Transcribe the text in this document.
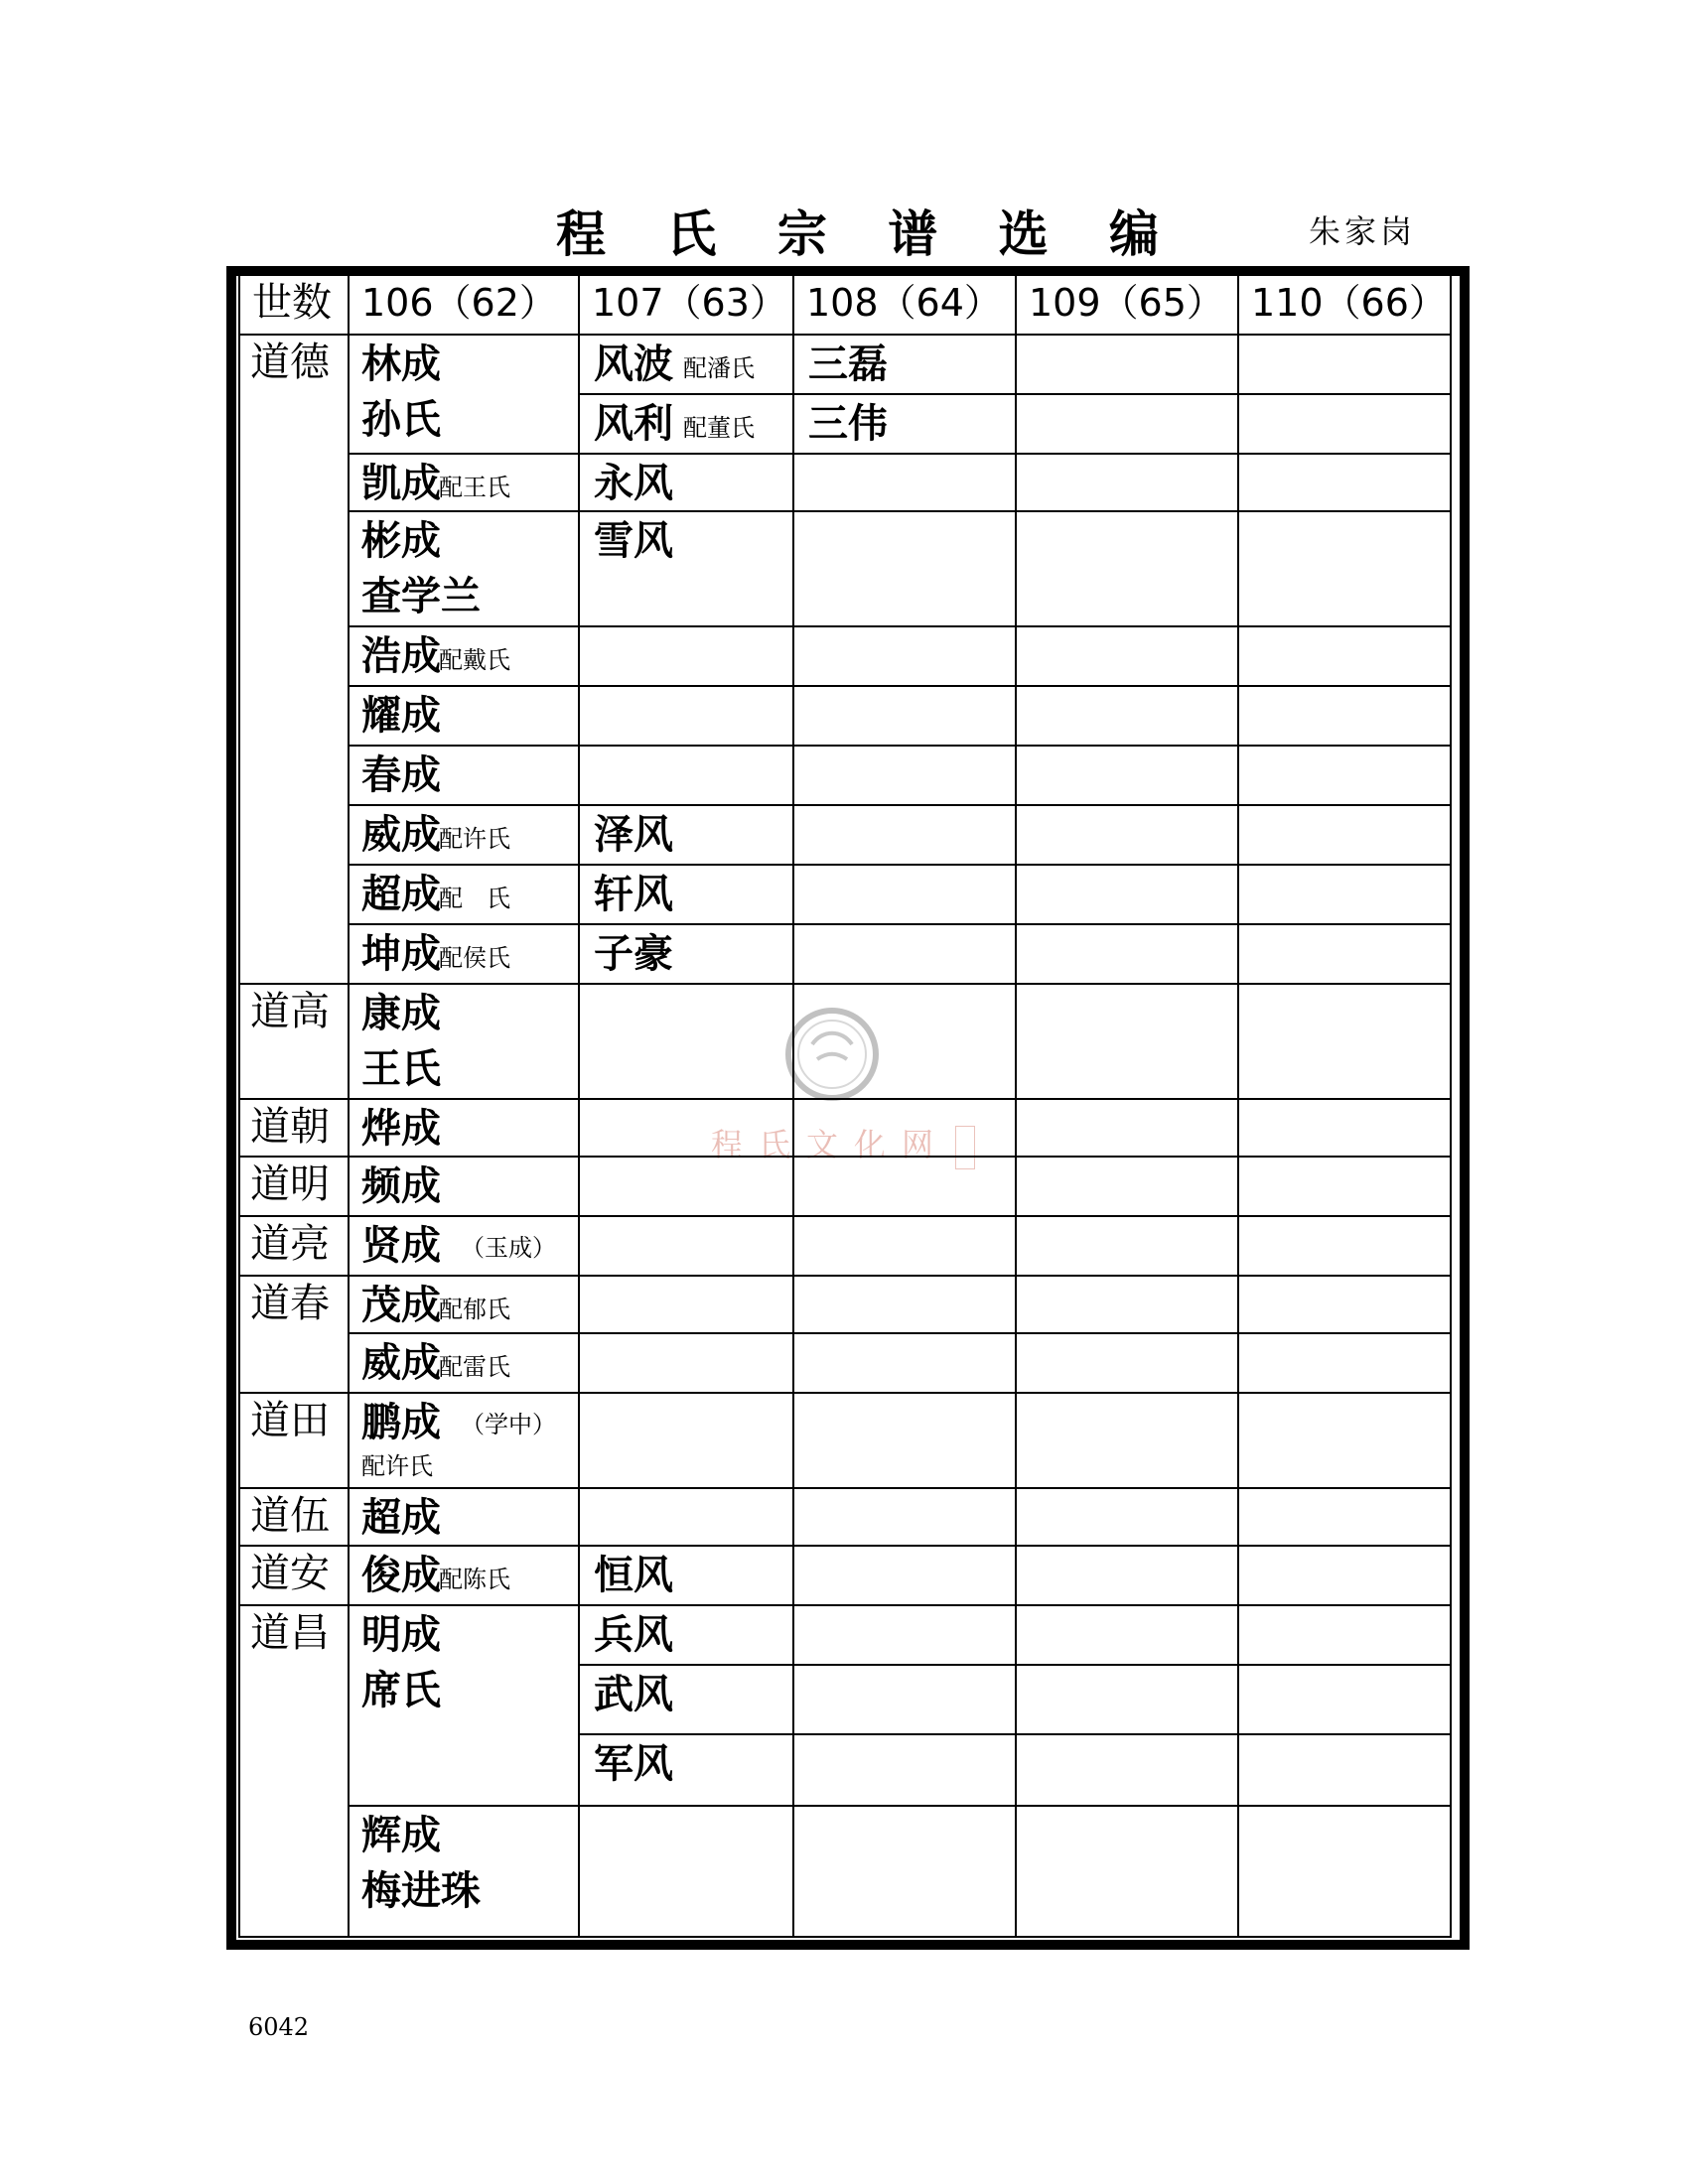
程 氏 宗 谱 选 编	朱家岗
程氏文化网
世数 106（62） 107（63） 108（64） 109（65） 110（66）
道德
道高
道朝
道明
道亮
道春
道田
道伍
道安
道昌
林成
孙氏
风波 配潘氏 三磊
风利 配董氏 三伟
凯成
配王氏 永风
彬成
查学兰
雪风
浩成
配戴氏
耀成
春成
威成
配许氏 泽风
超成
配　氏 轩风
坤成
配侯氏 子豪
康成
王氏
烨成
频成
贤成 （玉成）
茂成
配郁氏
威成
配雷氏
鹏成 （学中）
配许氏
超成
俊成
配陈氏 恒风
明成
席氏
兵风
武风
军风
辉成
梅进珠
6042
